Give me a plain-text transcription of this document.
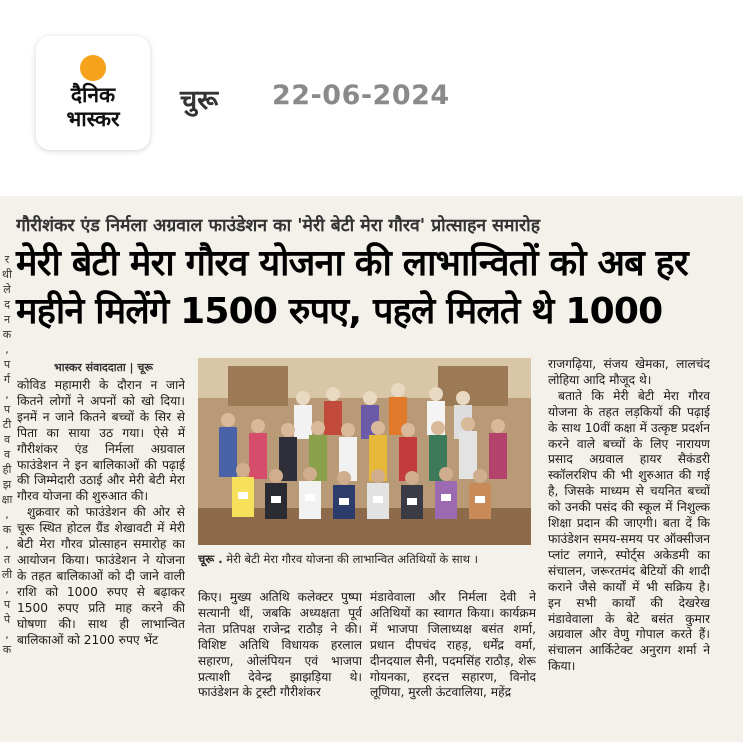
दैनिक
भास्कर
चुरू 22-06-2024
र
थी
ले
द
न
क
,
प
र्ग
,
प
टी
व
व
ही
झ
क्षा
,
क
,
त
ली
,
प
पे
,
क
गौरीशंकर एंड निर्मला अग्रवाल फाउंडेशन का 'मेरी बेटी मेरा गौरव' प्रोत्साहन समारोह
मेरी बेटी मेरा गौरव योजना की लाभान्वितों को अब हर महीने मिलेंगे 1500 रुपए, पहले मिलते थे 1000
भास्कर संवाददाता | चूरू

कोविड महामारी के दौरान न जाने कितने लोगों ने अपनों को खो दिया। इनमें न जाने कितने बच्चों के सिर से पिता का साया उठ गया। ऐसे में गौरीशंकर एंड निर्मला अग्रवाल फाउंडेशन ने इन बालिकाओं की पढ़ाई की जिम्मेदारी उठाई और मेरी बेटी मेरा गौरव योजना की शुरुआत की।

शुक्रवार को फाउंडेशन की ओर से चूरू स्थित होटल ग्रैंड शेखावटी में मेरी बेटी मेरा गौरव प्रोत्साहन समारोह का आयोजन किया। फाउंडेशन ने योजना के तहत बालिकाओं को दी जाने वाली राशि को 1000 रुपए से बढ़ाकर 1500 रुपए प्रति माह करने की घोषणा की। साथ ही लाभान्वित बालिकाओं को 2100 रुपए भेंट

चूरू . मेरी बेटी मेरा गौरव योजना की लाभान्वित अतिथियों के साथ ।

किए। मुख्य अतिथि कलेक्टर पुष्पा सत्यानी थीं, जबकि अध्यक्षता पूर्व नेता प्रतिपक्ष राजेन्द्र राठौड़ ने की। विशिष्ट अतिथि विधायक हरलाल सहारण, ओलंपियन एवं भाजपा प्रत्याशी देवेन्द्र झाझड़िया थे। फाउंडेशन के ट्रस्टी गौरीशंकर

मंडावेवाला और निर्मला देवी ने अतिथियों का स्वागत किया। कार्यक्रम में भाजपा जिलाध्यक्ष बसंत शर्मा, प्रधान दीपचंद राहड़, धर्मेंद्र वर्मा, दीनदयाल सैनी, पदमसिंह राठौड़, शेरू गोयनका, हरदत्त सहारण, विनोद लूणिया, मुरली ऊंटवालिया, महेंद्र

राजगढ़िया, संजय खेमका, लालचंद लोहिया आदि मौजूद थे।

बताते कि मेरी बेटी मेरा गौरव योजना के तहत लड़कियों की पढ़ाई के साथ 10वीं कक्षा में उत्कृष्ट प्रदर्शन करने वाले बच्चों के लिए नारायण प्रसाद अग्रवाल हायर सैकंडरी स्कॉलरशिप की भी शुरुआत की गई है, जिसके माध्यम से चयनित बच्चों को उनकी पसंद की स्कूल में निशुल्क शिक्षा प्रदान की जाएगी। बता दें कि फाउंडेशन समय-समय पर ऑक्सीजन प्लांट लगाने, स्पोर्ट्स अकेडमी का संचालन, जरूरतमंद बेटियों की शादी कराने जैसे कार्यों में भी सक्रिय है। इन सभी कार्यों की देखरेख मंडावेवाला के बेटे बसंत कुमार अग्रवाल और वेणु गोपाल करते हैं। संचालन आर्किटेक्ट अनुराग शर्मा ने किया।
